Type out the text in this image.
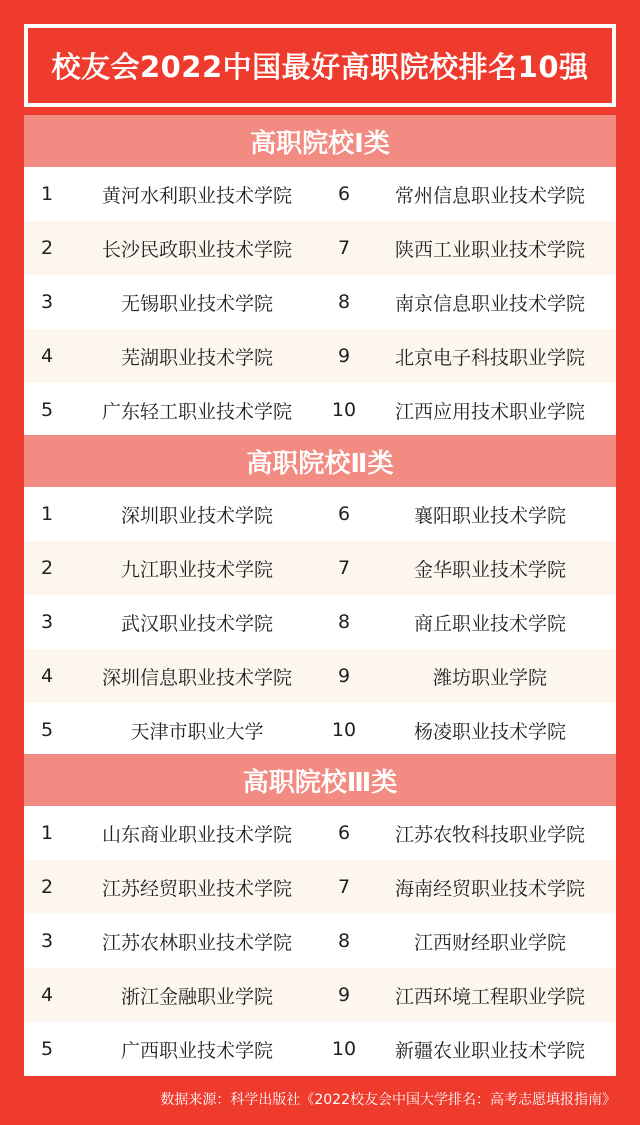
校友会2022中国最好高职院校排名10强
高职院校Ⅰ类
1	黄河水利职业技术学院	6	常州信息职业技术学院
2	长沙民政职业技术学院	7	陕西工业职业技术学院
3	无锡职业技术学院	8	南京信息职业技术学院
4	芜湖职业技术学院	9	北京电子科技职业学院
5	广东轻工职业技术学院	10	江西应用技术职业学院
高职院校Ⅱ类
1	深圳职业技术学院	6	襄阳职业技术学院
2	九江职业技术学院	7	金华职业技术学院
3	武汉职业技术学院	8	商丘职业技术学院
4	深圳信息职业技术学院	9	潍坊职业学院
5	天津市职业大学	10	杨凌职业技术学院
高职院校Ⅲ类
1	山东商业职业技术学院	6	江苏农牧科技职业学院
2	江苏经贸职业技术学院	7	海南经贸职业技术学院
3	江苏农林职业技术学院	8	江西财经职业学院
4	浙江金融职业学院	9	江西环境工程职业学院
5	广西职业技术学院	10	新疆农业职业技术学院
数据来源：科学出版社《2022校友会中国大学排名：高考志愿填报指南》
